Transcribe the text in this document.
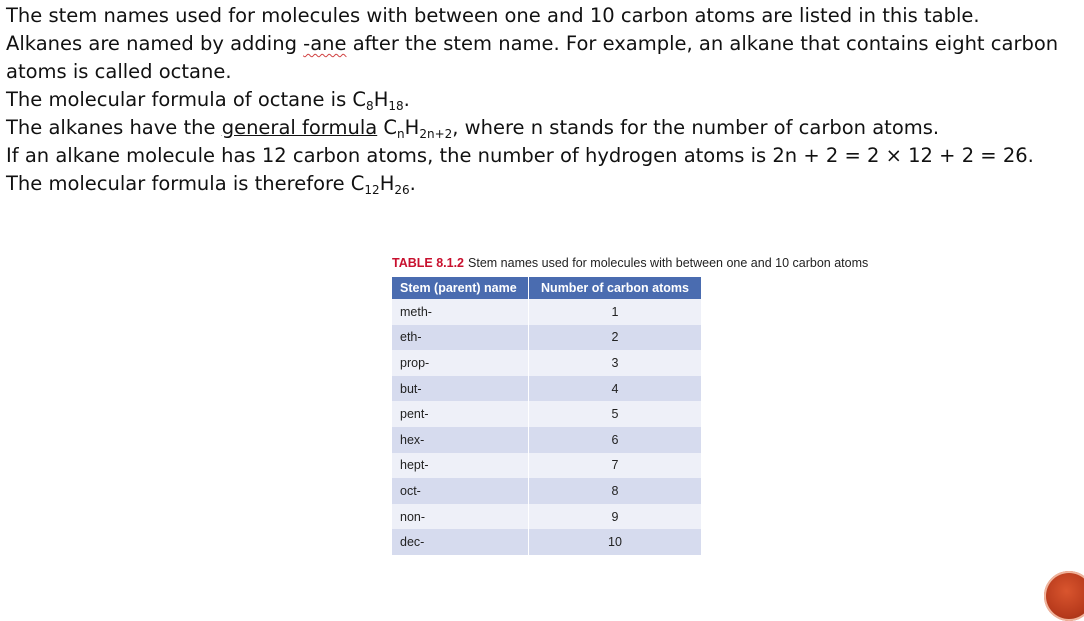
The stem names used for molecules with between one and 10 carbon atoms are listed in this table.
Alkanes are named by adding -ane after the stem name. For example, an alkane that contains eight carbon
atoms is called octane.
The molecular formula of octane is $C_8H_{18}$.
The alkanes have the general formula $C_nH_{2n+2}$, where n stands for the number of carbon atoms.
If an alkane molecule has 12 carbon atoms, the number of hydrogen atoms is 2n + 2 = 2 × 12 + 2 = 26.
The molecular formula is therefore $C_{12}H_{26}$.
TABLE 8.1.2 Stem names used for molecules with between one and 10 carbon atoms
Stem (parent) name	Number of carbon atoms
meth-	1
eth-	2
prop-	3
but-	4
pent-	5
hex-	6
hept-	7
oct-	8
non-	9
dec-	10
